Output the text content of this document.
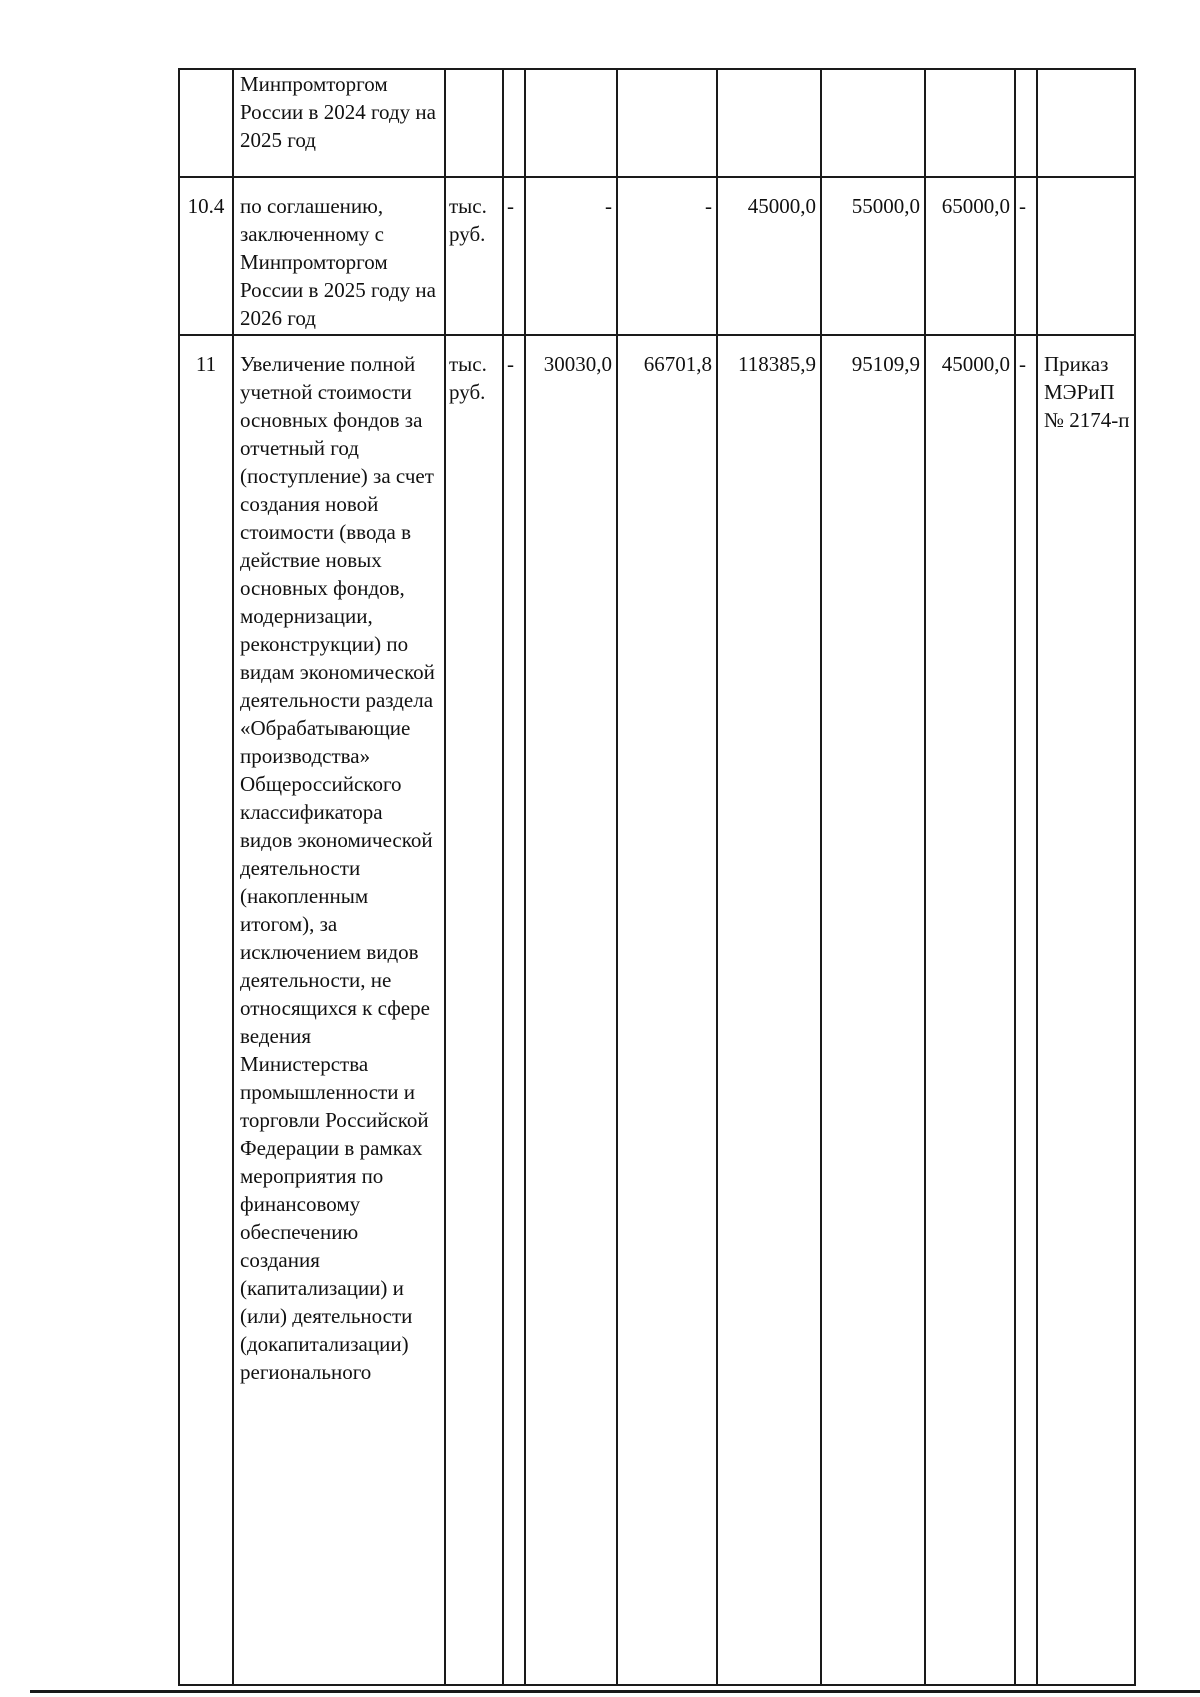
	Минпромторгом России в 2024 году на 2025 год									

10.4	по соглашению, заключенному с Минпромторгом России в 2025 году на 2026 год	тыс. руб.	-	-	-	45000,0	55000,0	65000,0	-	

11	Увеличение полной учетной стоимости основных фондов за отчетный год (поступление) за счет создания новой стоимости (ввода в действие новых основных фондов, модернизации, реконструкции) по видам экономической деятельности раздела «Обрабатывающие производства» Общероссийского классификатора видов экономической деятельности (накопленным итогом), за исключением видов деятельности, не относящихся к сфере ведения Министерства промышленности и торговли Российской Федерации в рамках мероприятия по финансовому обеспечению создания (капитализации) и (или) деятельности (докапитализации) регионального	тыс. руб.	-	30030,0	66701,8	118385,9	95109,9	45000,0	-	Приказ МЭРиП № 2174-п
